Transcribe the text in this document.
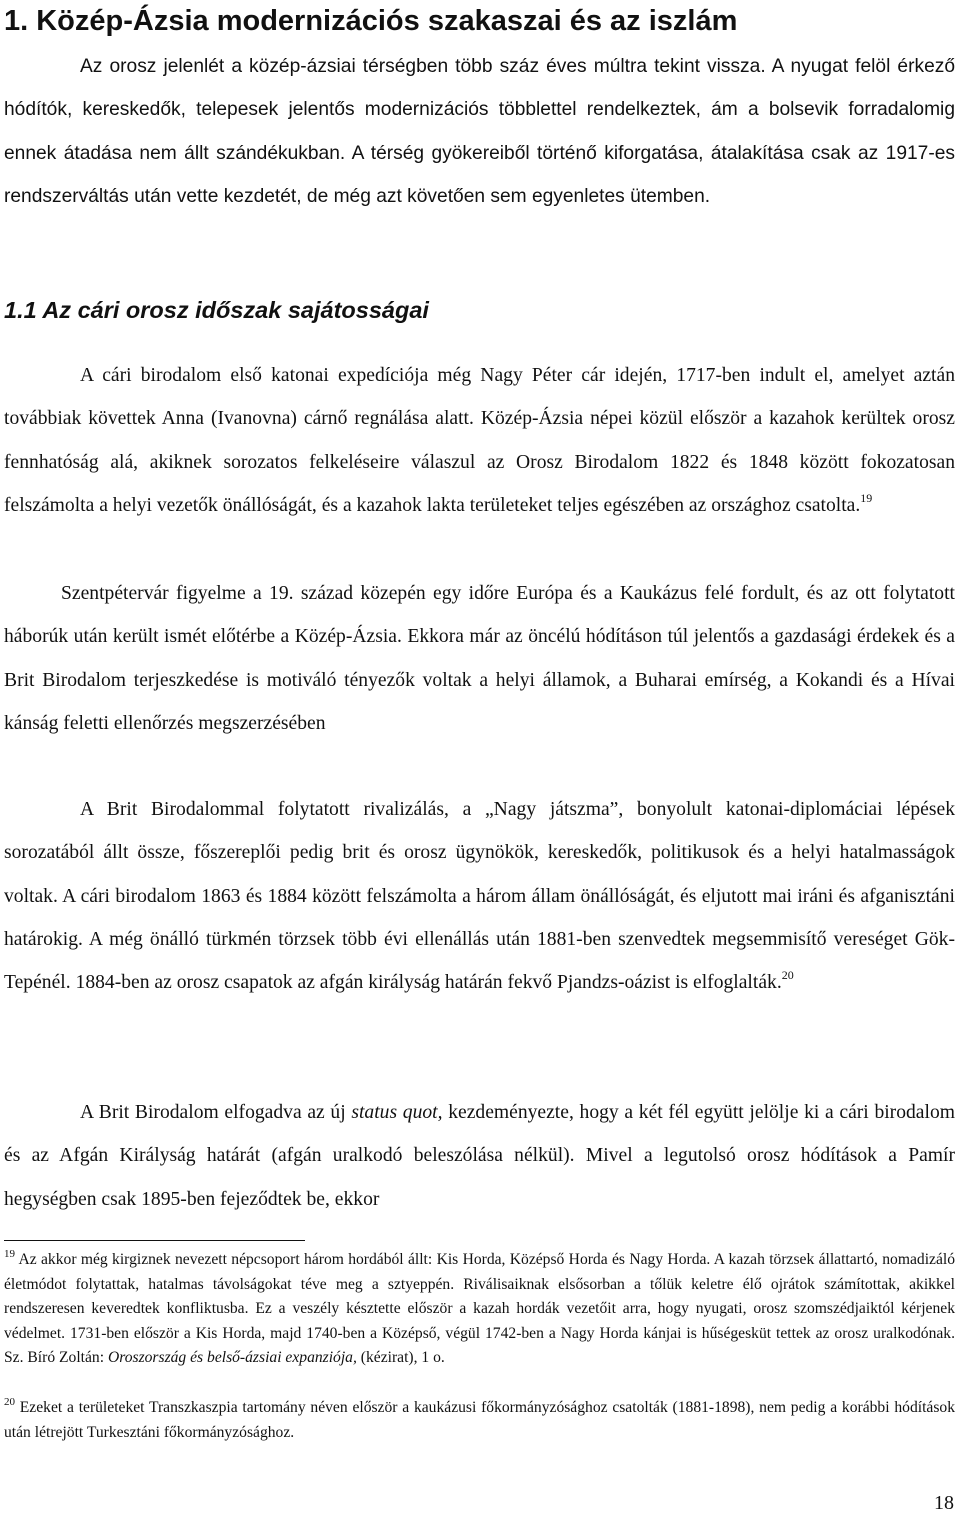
1. Közép-Ázsia modernizációs szakaszai és az iszlám

Az orosz jelenlét a közép-ázsiai térségben több száz éves múltra tekint vissza. A nyugat felöl érkező hódítók, kereskedők, telepesek jelentős modernizációs többlettel rendelkeztek, ám a bolsevik forradalomig ennek átadása nem állt szándékukban. A térség gyökereiből történő kiforgatása, átalakítása csak az 1917-es rendszerváltás után vette kezdetét, de még azt követően sem egyenletes ütemben.

1.1 Az cári orosz időszak sajátosságai

A cári birodalom első katonai expedíciója még Nagy Péter cár idején, 1717-ben indult el, amelyet aztán továbbiak követtek Anna (Ivanovna) cárnő regnálása alatt. Közép-Ázsia népei közül először a kazahok kerültek orosz fennhatóság alá, akiknek sorozatos felkeléseire válaszul az Orosz Birodalom 1822 és 1848 között fokozatosan felszámolta a helyi vezetők önállóságát, és a kazahok lakta területeket teljes egészében az országhoz csatolta.$^{19}$

Szentpétervár figyelme a 19. század közepén egy időre Európa és a Kaukázus felé fordult, és az ott folytatott háborúk után került ismét előtérbe a Közép-Ázsia. Ekkora már az öncélú hódításon túl jelentős a gazdasági érdekek és a Brit Birodalom terjeszkedése is motiváló tényezők voltak a helyi államok, a Buharai emírség, a Kokandi és a Hívai kánság feletti ellenőrzés megszerzésében

A Brit Birodalommal folytatott rivalizálás, a „Nagy játszma”, bonyolult katonai-diplomáciai lépések sorozatából állt össze, főszereplői pedig brit és orosz ügynökök, kereskedők, politikusok és a helyi hatalmasságok voltak. A cári birodalom 1863 és 1884 között felszámolta a három állam önállóságát, és eljutott mai iráni és afganisztáni határokig. A még önálló türkmén törzsek több évi ellenállás után 1881-ben szenvedtek megsemmisítő vereséget Gök-Tepénél. 1884-ben az orosz csapatok az afgán királyság határán fekvő Pjandzs-oázist is elfoglalták.$^{20}$

A Brit Birodalom elfogadva az új status quot, kezdeményezte, hogy a két fél együtt jelölje ki a cári birodalom és az Afgán Királyság határát (afgán uralkodó beleszólása nélkül). Mivel a legutolsó orosz hódítások a Pamír hegységben csak 1895-ben fejeződtek be, ekkor

$^{19}$ Az akkor még kirgiznek nevezett népcsoport három hordából állt: Kis Horda, Középső Horda és Nagy Horda. A kazah törzsek állattartó, nomadizáló életmódot folytattak, hatalmas távolságokat téve meg a sztyeppén. Riválisaiknak elsősorban a tőlük keletre élő ojrátok számítottak, akikkel rendszeresen keveredtek konfliktusba. Ez a veszély késztette először a kazah hordák vezetőit arra, hogy nyugati, orosz szomszédjaiktól kérjenek védelmet. 1731-ben először a Kis Horda, majd 1740-ben a Középső, végül 1742-ben a Nagy Horda kánjai is hűségesküt tettek az orosz uralkodónak. Sz. Bíró Zoltán: Oroszország és belső-ázsiai expanziója, (kézirat), 1 o.

$^{20}$ Ezeket a területeket Transzkaszpia tartomány néven először a kaukázusi főkormányzósághoz csatolták (1881-1898), nem pedig a korábbi hódítások után létrejött Turkesztáni főkormányzósághoz.

18
